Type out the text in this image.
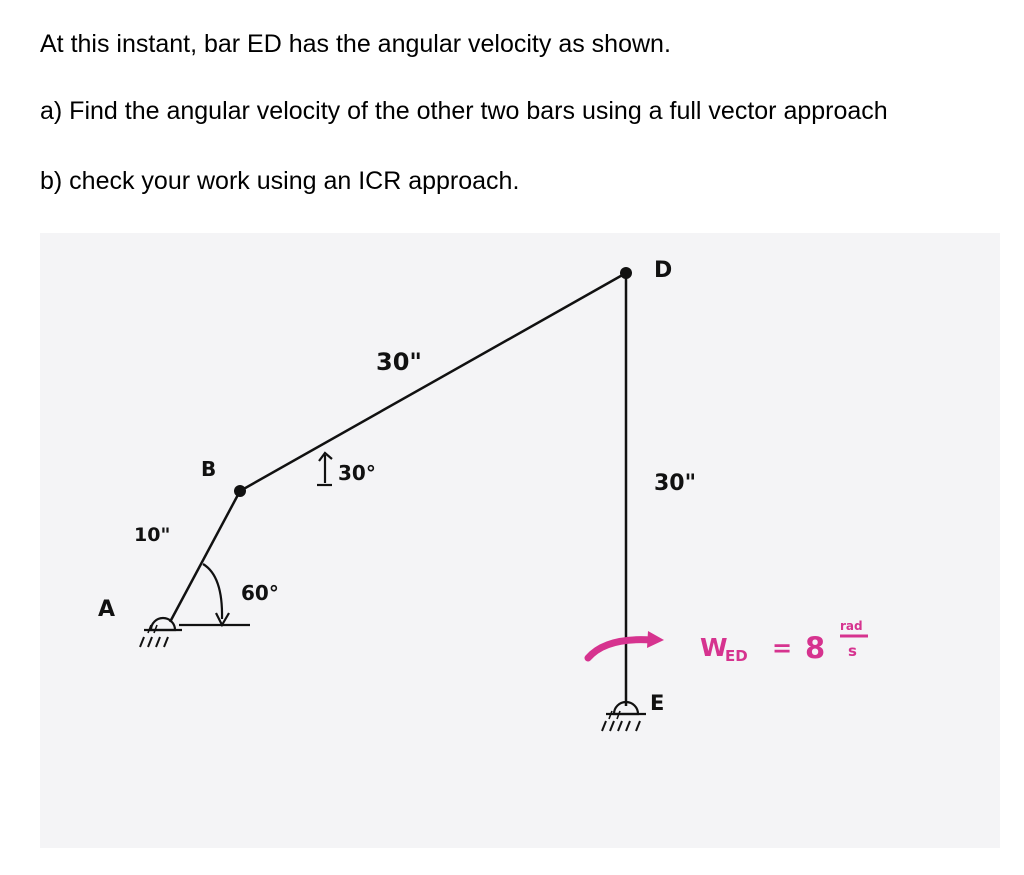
At this instant, bar ED has the angular velocity as shown.

a) Find the angular velocity of the other two bars using a full vector approach

b) check your work using an ICR approach.

A
B
D
E
10"
30"
30"
60°
30°
W
ED = 8
rad
s
